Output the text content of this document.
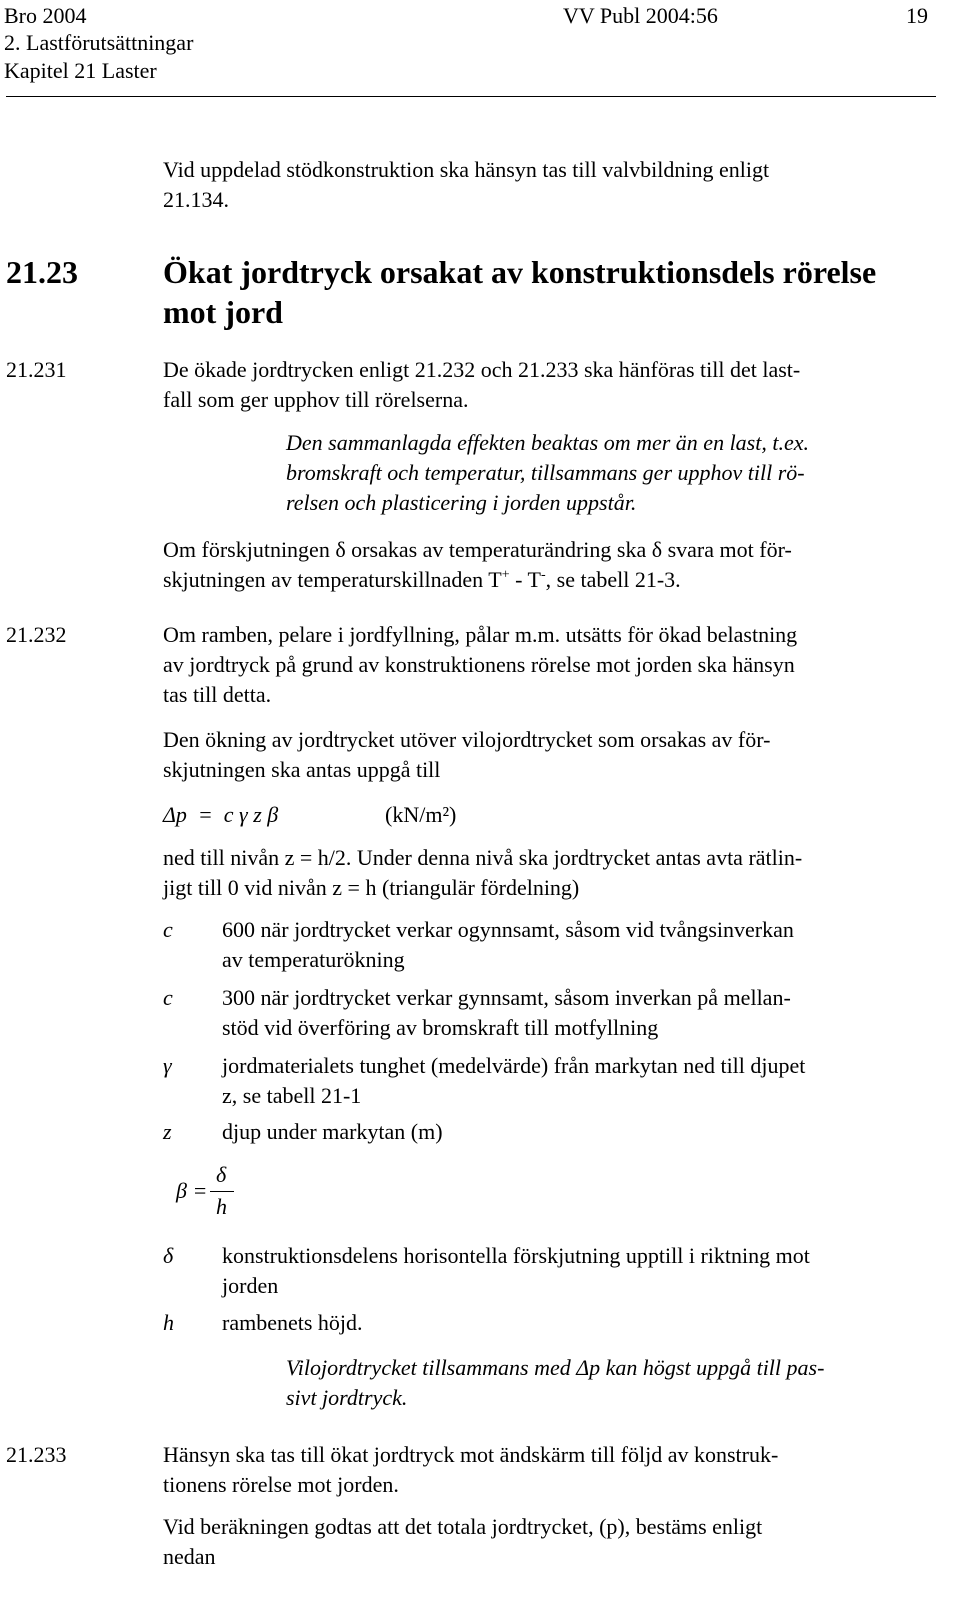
Bro 2004	VV Publ 2004:56	19
2. Lastförutsättningar
Kapitel 21 Laster
Vid uppdelad stödkonstruktion ska hänsyn tas till valvbildning enligt
21.134.
21.23	Ökat jordtryck orsakat av konstruktionsdels rörelse
mot jord
21.231	De ökade jordtrycken enligt 21.232 och 21.233 ska hänföras till det last-
fall som ger upphov till rörelserna.
Den sammanlagda effekten beaktas om mer än en last, t.ex.
bromskraft och temperatur, tillsammans ger upphov till rö-
relsen och plasticering i jorden uppstår.
Om förskjutningen δ orsakas av temperaturändring ska δ svara mot för-
skjutningen av temperaturskillnaden T+ - T-, se tabell 21-3.
21.232	Om ramben, pelare i jordfyllning, pålar m.m. utsätts för ökad belastning
av jordtryck på grund av konstruktionens rörelse mot jorden ska hänsyn
tas till detta.
Den ökning av jordtrycket utöver vilojordtrycket som orsakas av för-
skjutningen ska antas uppgå till
Δp  =  c γ z β	(kN/m²)
ned till nivån z = h/2. Under denna nivå ska jordtrycket antas avta rätlin-
jigt till 0 vid nivån z = h (triangulär fördelning)
c 600 när jordtrycket verkar ogynnsamt, såsom vid tvångsinverkan
av temperaturökning
c 300 när jordtrycket verkar gynnsamt, såsom inverkan på mellan-
stöd vid överföring av bromskraft till motfyllning
γ jordmaterialets tunghet (medelvärde) från markytan ned till djupet
z, se tabell 21-1
z djup under markytan (m)
β =
δ
h
δ konstruktionsdelens horisontella förskjutning upptill i riktning mot
jorden
h rambenets höjd.
Vilojordtrycket tillsammans med Δp kan högst uppgå till pas-
sivt jordtryck.
21.233	Hänsyn ska tas till ökat jordtryck mot ändskärm till följd av konstruk-
tionens rörelse mot jorden.
Vid beräkningen godtas att det totala jordtrycket, (p), bestäms enligt
nedan
